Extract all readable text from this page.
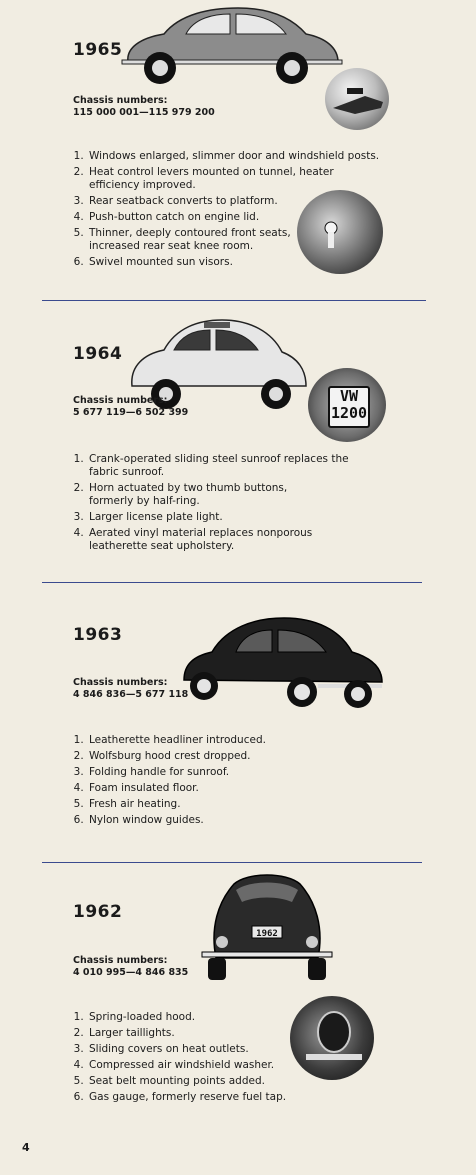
1965
Chassis numbers:
115 000 001—115 979 200
1. Windows enlarged, slimmer door and windshield posts.
2. Heat control levers mounted on tunnel, heater efficiency improved.
3. Rear seatback converts to platform.
4. Push-button catch on engine lid.
5. Thinner, deeply contoured front seats, increased rear seat knee room.
6. Swivel mounted sun visors.
1964
Chassis numbers:
5 677 119—6 502 399
VW
1200
1. Crank-operated sliding steel sunroof replaces the fabric sunroof.
2. Horn actuated by two thumb buttons, formerly by half-ring.
3. Larger license plate light.
4. Aerated vinyl material replaces nonporous leatherette seat upholstery.
1963
Chassis numbers:
4 846 836—5 677 118
1. Leatherette headliner introduced.
2. Wolfsburg hood crest dropped.
3. Folding handle for sunroof.
4. Foam insulated floor.
5. Fresh air heating.
6. Nylon window guides.
1962
1962
Chassis numbers:
4 010 995—4 846 835
1. Spring-loaded hood.
2. Larger taillights.
3. Sliding covers on heat outlets.
4. Compressed air windshield washer.
5. Seat belt mounting points added.
6. Gas gauge, formerly reserve fuel tap.
4
